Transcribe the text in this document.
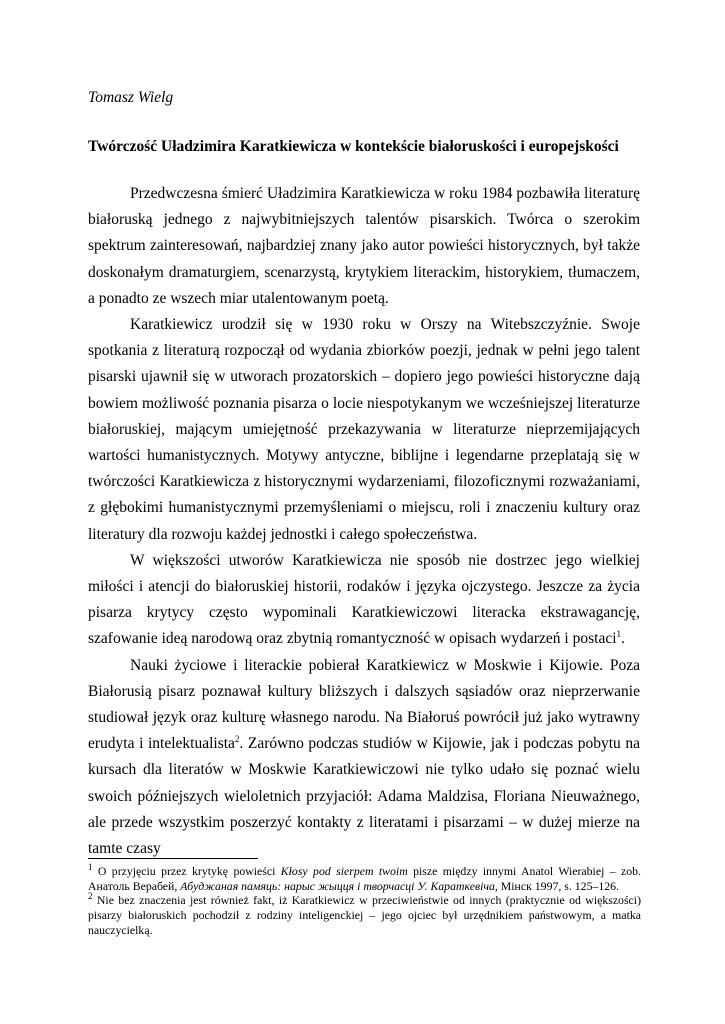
Tomasz Wielg

Twórczość Uładzimira Karatkiewicza w kontekście białoruskości i europejskości

Przedwczesna śmierć Uładzimira Karatkiewicza w roku 1984 pozbawiła literaturę białoruską jednego z najwybitniejszych talentów pisarskich. Twórca o szerokim spektrum zainteresowań, najbardziej znany jako autor powieści historycznych, był także doskonałym dramaturgiem, scenarzystą, krytykiem literackim, historykiem, tłumaczem, a ponadto ze wszech miar utalentowanym poetą.

Karatkiewicz urodził się w 1930 roku w Orszy na Witebszczyźnie. Swoje spotkania z literaturą rozpoczął od wydania zbiorków poezji, jednak w pełni jego talent pisarski ujawnił się w utworach prozatorskich – dopiero jego powieści historyczne dają bowiem możliwość poznania pisarza o locie niespotykanym we wcześniejszej literaturze białoruskiej, mającym umiejętność przekazywania w literaturze nieprzemijających wartości humanistycznych. Motywy antyczne, biblijne i legendarne przeplatają się w twórczości Karatkiewicza z historycznymi wydarzeniami, filozoficznymi rozważaniami, z głębokimi humanistycznymi przemyśleniami o miejscu, roli i znaczeniu kultury oraz literatury dla rozwoju każdej jednostki i całego społeczeństwa.

W większości utworów Karatkiewicza nie sposób nie dostrzec jego wielkiej miłości i atencji do białoruskiej historii, rodaków i języka ojczystego. Jeszcze za życia pisarza krytycy często wypominali Karatkiewiczowi literacka ekstrawagancję, szafowanie ideą narodową oraz zbytnią romantyczność w opisach wydarzeń i postaci$^1$.

Nauki życiowe i literackie pobierał Karatkiewicz w Moskwie i Kijowie. Poza Białorusią pisarz poznawał kultury bliższych i dalszych sąsiadów oraz nieprzerwanie studiował język oraz kulturę własnego narodu. Na Białoruś powrócił już jako wytrawny erudyta i intelektualista$^2$. Zarówno podczas studiów w Kijowie, jak i podczas pobytu na kursach dla literatów w Moskwie Karatkiewiczowi nie tylko udało się poznać wielu swoich późniejszych wieloletnich przyjaciół: Adama Maldzisa, Floriana Nieuważnego, ale przede wszystkim poszerzyć kontakty z literatami i pisarzami – w dużej mierze na tamte czasy

$^1$ O przyjęciu przez krytykę powieści Kłosy pod sierpem twoim pisze między innymi Anatol Wierabiej – zob. Анатоль Верабей, Абуджаная памяць: нарыс жыцця і творчасці У. Караткевіча, Мінск 1997, s. 125–126.

$^2$ Nie bez znaczenia jest również fakt, iż Karatkiewicz w przeciwieństwie od innych (praktycznie od większości) pisarzy białoruskich pochodził z rodziny inteligenckiej – jego ojciec był urzędnikiem państwowym, a matka nauczycielką.
